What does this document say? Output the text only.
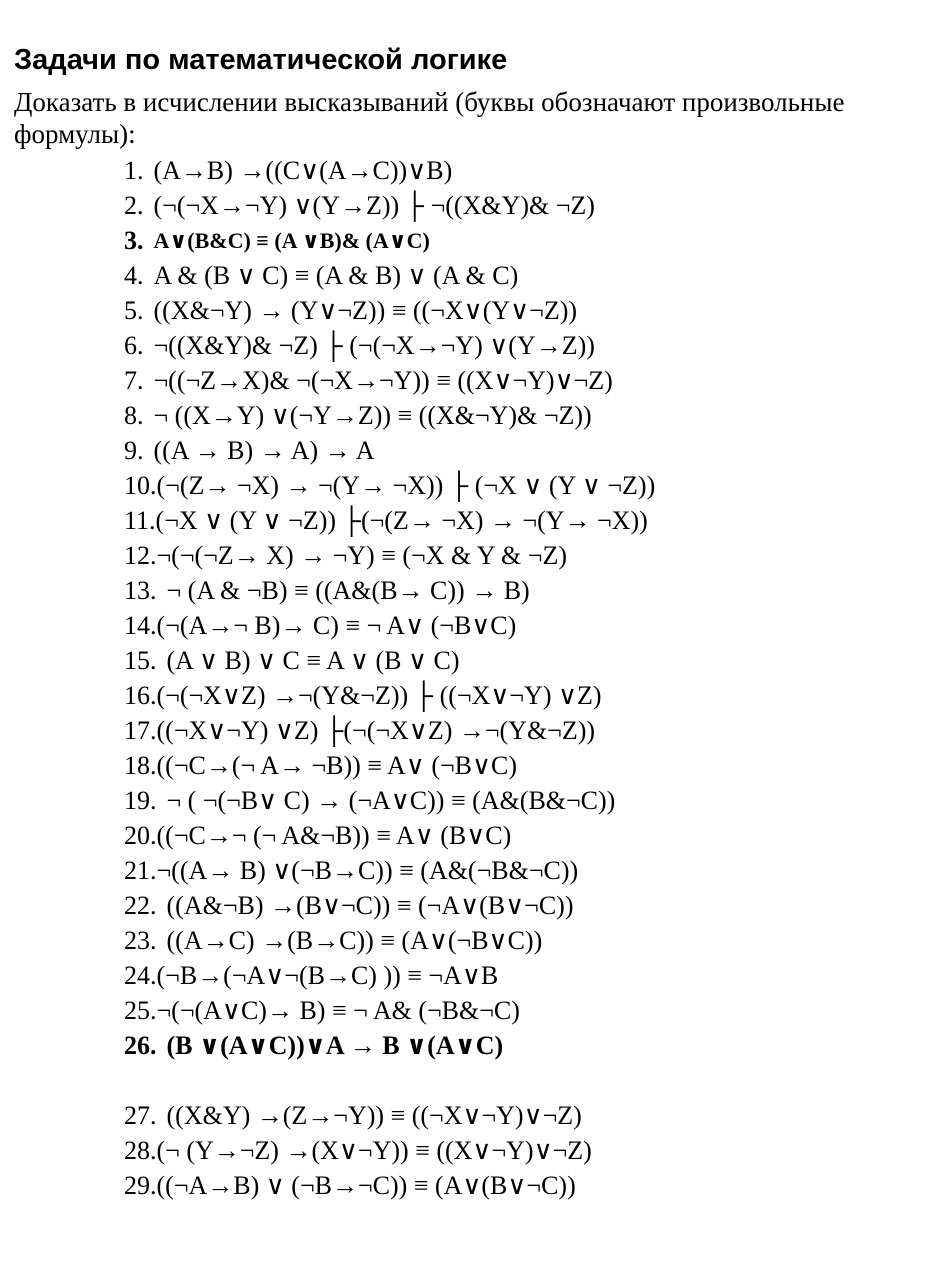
Задачи по математической логике
Доказать в исчислении высказываний (буквы обозначают произвольные формулы):
1. (A→B) →((C∨(A→C))∨B)
2. (¬(¬X→¬Y) ∨(Y→Z)) ├ ¬((X&Y)& ¬Z)
3. A∨(B&C) ≡ (A ∨B)& (A∨C)
4. A & (B ∨ C) ≡ (A & B) ∨ (A & C)
5. ((X&¬Y) → (Y∨¬Z)) ≡ ((¬X∨(Y∨¬Z))
6. ¬((X&Y)& ¬Z) ├ (¬(¬X→¬Y) ∨(Y→Z))
7. ¬((¬Z→X)& ¬(¬X→¬Y)) ≡ ((X∨¬Y)∨¬Z)
8. ¬ ((X→Y) ∨(¬Y→Z)) ≡ ((X&¬Y)& ¬Z))
9. ((A → B) → A) → A
10. (¬(Z→ ¬X) → ¬(Y→ ¬X)) ├ (¬X ∨ (Y ∨ ¬Z))
11. (¬X ∨ (Y ∨ ¬Z)) ├(¬(Z→ ¬X) → ¬(Y→ ¬X))
12. ¬(¬(¬Z→ X) → ¬Y) ≡ (¬X & Y & ¬Z)
13. ¬ (A & ¬B) ≡ ((A&(B→ C)) → B)
14. (¬(A→¬ B)→ C) ≡ ¬ A∨ (¬B∨C)
15. (A ∨ B) ∨ C ≡ A ∨ (B ∨ C)
16. (¬(¬X∨Z) →¬(Y&¬Z)) ├ ((¬X∨¬Y) ∨Z)
17. ((¬X∨¬Y) ∨Z) ├(¬(¬X∨Z) →¬(Y&¬Z))
18. ((¬C→(¬ A→ ¬B)) ≡ A∨ (¬B∨C)
19. ¬ ( ¬(¬B∨ C) → (¬A∨C)) ≡ (A&(B&¬C))
20. ((¬C→¬ (¬ A&¬B)) ≡ A∨ (B∨C)
21. ¬((A→ B) ∨(¬B→C)) ≡ (A&(¬B&¬C))
22. ((A&¬B) →(B∨¬C)) ≡ (¬A∨(B∨¬C))
23. ((A→C) →(B→C)) ≡ (A∨(¬B∨C))
24. (¬B→(¬A∨¬(B→C) )) ≡ ¬A∨B
25. ¬(¬(A∨C)→ B) ≡ ¬ A& (¬B&¬C)
26. (B ∨(A∨C))∨A → B ∨(A∨C)
27. ((X&Y) →(Z→¬Y)) ≡ ((¬X∨¬Y)∨¬Z)
28. (¬ (Y→¬Z) →(X∨¬Y)) ≡ ((X∨¬Y)∨¬Z)
29. ((¬A→B) ∨ (¬B→¬C)) ≡ (A∨(B∨¬C))
